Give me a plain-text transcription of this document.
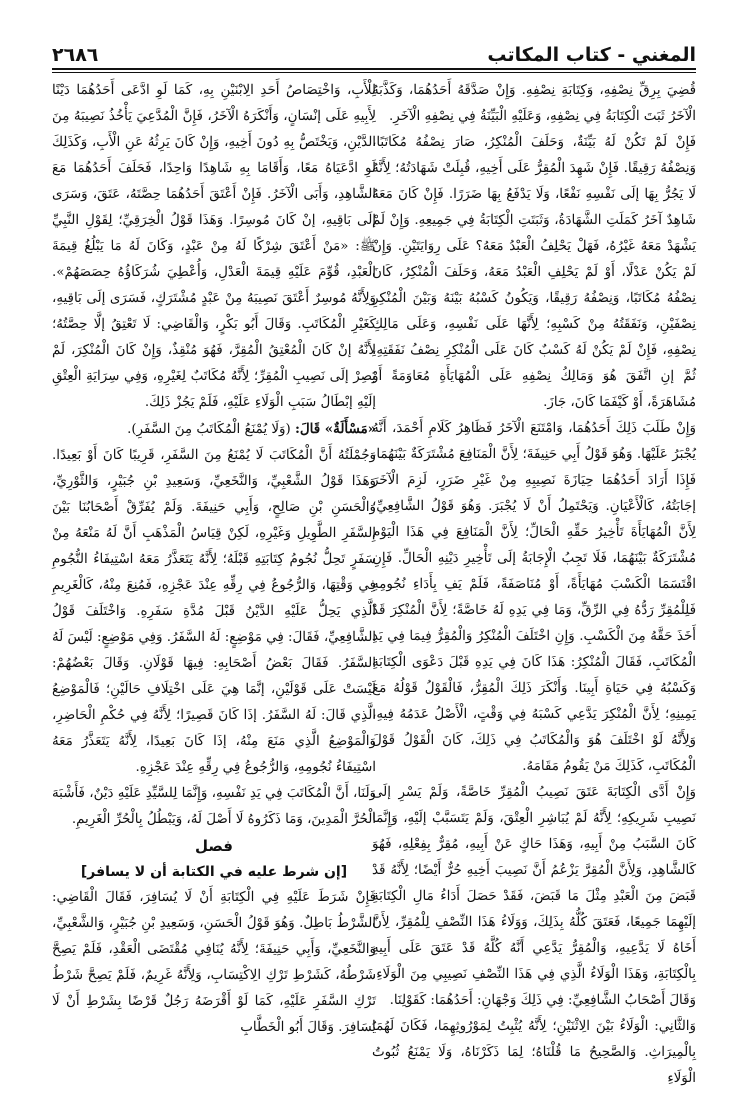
المغني - كتاب المكاتب
٢٦٨٦

قُضِيَ بِرِقِّ نِصْفِهِ، وَكِتَابَةِ نِصْفِهِ. وَإِنْ صَدَّقَهُ أَحَدُهُمَا، وَكَذَّبَهُ الْآخَرُ ثَبَتَ الْكِتَابَةُ فِي نِصْفِهِ، وَعَلَيْهِ الْبَيِّنَةُ فِي نِصْفِهِ الْآخَرِ.

فَإِنْ لَمْ تَكُنْ لَهُ بَيِّنَةٌ، وَحَلَفَ الْمُنْكِرُ، صَارَ نِصْفُهُ مُكَاتَبًا، وَنِصْفُهُ رَقِيقًا. فَإِنْ شَهِدَ الْمُقِرُّ عَلَى أَخِيهِ، قُبِلَتْ شَهَادَتُهُ؛ لِأَنَّهُ لَا يَجُرُّ بِهَا إلَى نَفْسِهِ نَفْعًا، وَلَا يَدْفَعُ بِهَا ضَرَرًا. فَإِنْ كَانَ مَعَهُ شَاهِدٌ آخَرُ كَمَلَتِ الشَّهَادَةُ، وَثَبَتَتِ الْكِتَابَةُ فِي جَمِيعِهِ. وَإِنْ لَمْ يَشْهَدْ مَعَهُ غَيْرُهُ، فَهَلْ يَحْلِفُ الْعَبْدُ مَعَهُ؟ عَلَى رِوَايَتَيْنِ. وَإِنْ لَمْ يَكُنْ عَدْلًا، أَوْ لَمْ يَحْلِفِ الْعَبْدُ مَعَهُ، وَحَلَفَ الْمُنْكِرُ، كَانَ نِصْفُهُ مُكَاتَبًا، وَنِصْفُهُ رَقِيقًا، وَيَكُونُ كَسْبُهُ بَيْنَهُ وَبَيْنَ الْمُنْكِرِ نِصْفَيْنِ، وَنَفَقَتُهُ مِنْ كَسْبِهِ؛ لِأَنَّهَا عَلَى نَفْسِهِ، وَعَلَى مَالِكِ نِصْفِهِ، فَإِنْ لَمْ يَكُنْ لَهُ كَسْبٌ كَانَ عَلَى الْمُنْكِرِ نِصْفُ نَفَقَتِهِ، ثُمَّ إنِ اتَّفَقَ هُوَ وَمَالِكُ نِصْفِهِ عَلَى الْمُهَايَأَةِ مُعَاوَمَةً أَوْ مُشَاهَرَةً، أَوْ كَيْفَمَا كَانَ، جَازَ.

وَإِنْ طَلَبَ ذَلِكَ أَحَدُهُمَا، وَامْتَنَعَ الْآخَرُ فَظَاهِرُ كَلَامِ أَحْمَدَ، أَنَّهُ يُجْبَرُ عَلَيْهَا. وَهُوَ قَوْلُ أَبِي حَنِيفَةَ؛ لِأَنَّ الْمَنَافِعَ مُشْتَرَكَةٌ بَيْنَهُمَا، فَإِذَا أَرَادَ أَحَدُهُمَا حِيَازَةَ نَصِيبِهِ مِنْ غَيْرِ ضَرَرٍ، لَزِمَ الْآخَرَ إجَابَتُهُ، كَالْأَعْيَانِ. وَيَحْتَمِلُ أَنْ لَا يُجْبَرَ. وَهُوَ قَوْلُ الشَّافِعِيِّ؛ لِأَنَّ الْمُهَايَأَةَ تَأْخِيرُ حَقِّهِ الْحَالِّ؛ لِأَنَّ الْمَنَافِعَ فِي هَذَا الْيَوْمِ مُشْتَرَكَةٌ بَيْنَهُمَا، فَلَا تَجِبُ الْإِجَابَةُ إلَى تَأْخِيرِ دَيْنِهِ الْحَالِّ. فَإِنِ اقْتَسَمَا الْكَسْبَ مُهَايَأَةً، أَوْ مُنَاصَفَةً، فَلَمْ يَفِ بِأَدَاءِ نُجُومِهِ فَلِلْمُقِرِّ رَدُّهُ فِي الرِّقِّ، وَمَا فِي يَدِهِ لَهُ خَاصَّةً؛ لِأَنَّ الْمُنْكِرَ قَدْ أَخَذَ حَقَّهُ مِنَ الْكَسْبِ. وَإِنِ اخْتَلَفَ الْمُنْكِرُ وَالْمُقِرُّ فِيمَا فِي يَدِ الْمُكَاتَبِ، فَقَالَ الْمُنْكِرُ: هَذَا كَانَ فِي يَدِهِ قَبْلَ دَعْوَى الْكِتَابَةِ وَكَسْبُهُ فِي حَيَاةِ أَبِينَا. وَأَنْكَرَ ذَلِكَ الْمُقِرُّ، فَالْقَوْلُ قَوْلُهُ مَعَ يَمِينِهِ؛ لِأَنَّ الْمُنْكِرَ يَدَّعِي كَسْبَهُ فِي وَقْتٍ، الْأَصْلُ عَدَمُهُ فِيهِ، وَلِأَنَّهُ لَوْ اخْتَلَفَ هُوَ وَالْمُكَاتَبُ فِي ذَلِكَ، كَانَ الْقَوْلُ قَوْلَ الْمُكَاتَبِ، كَذَلِكَ مَنْ يَقُومُ مَقَامَهُ.

وَإِنْ أَدَّى الْكِتَابَةَ عَتَقَ نَصِيبُ الْمُقِرِّ خَاصَّةً، وَلَمْ يَسْرِ إلَى نَصِيبِ شَرِيكِهِ؛ لِأَنَّهُ لَمْ يُبَاشِرِ الْعِتْقَ، وَلَمْ يَتَسَبَّبْ إلَيْهِ، وَإِنَّمَا كَانَ السَّبَبُ مِنْ أَبِيهِ، وَهَذَا حَاكٍ عَنْ أَبِيهِ، مُقِرٌّ بِفِعْلِهِ، فَهُوَ كَالشَّاهِدِ، وَلِأَنَّ الْمُقِرَّ يَزْعُمُ أَنَّ نَصِيبَ أَخِيهِ حُرٌّ أَيْضًا؛ لِأَنَّهُ قَدْ قَبَضَ مِنَ الْعَبْدِ مِثْلَ مَا قَبَضَ، فَقَدْ حَصَلَ أَدَاءُ مَالِ الْكِتَابَةِ إلَيْهِمَا جَمِيعًا، فَعَتَقَ كُلُّهُ بِذَلِكَ، وَوَلَاءُ هَذَا النِّصْفِ لِلْمُقِرِّ، لِأَنَّ أَخَاهُ لَا يَدَّعِيهِ، وَالْمُقِرُّ يَدَّعِي أَنَّهُ كُلَّهُ قَدْ عَتَقَ عَلَى أَبِيهِ بِالْكِتَابَةِ، وَهَذَا الْوَلَاءُ الَّذِي فِي هَذَا النِّصْفِ نَصِيبِي مِنَ الْوَلَاءِ. وَقَالَ أَصْحَابُ الشَّافِعِيِّ: فِي ذَلِكَ وَجْهَانِ: أَحَدُهُمَا: كَقَوْلِنَا.

وَالثَّانِي: الْوَلَاءُ بَيْنَ الِاثْنَيْنِ؛ لِأَنَّهُ يُثْبِتُ لِمَوْرُوثِهِمَا، فَكَانَ لَهُمَا بِالْمِيرَاثِ. وَالصَّحِيحُ مَا قُلْنَاهُ؛ لِمَا ذَكَرْنَاهُ، وَلَا يَمْنَعُ ثُبُوتُ الْوَلَاءِ

لِلْأَبِ، وَاخْتِصَاصُ أَحَدِ الِابْنَيْنِ بِهِ، كَمَا لَوِ ادَّعَى أَحَدُهُمَا دَيْنًا لِأَبِيهِ عَلَى إنْسَانٍ، وَأَنْكَرَهُ الْآخَرُ، فَإِنَّ الْمُدَّعِيَ يَأْخُذُ نَصِيبَهُ مِنَ الدَّيْنِ، وَيَخْتَصُّ بِهِ دُونَ أَخِيهِ، وَإِنْ كَانَ يَرِثُهُ عَنِ الْأَبِ، وَكَذَلِكَ لَوِ ادَّعَيَاهُ مَعًا، وَأَقَامَا بِهِ شَاهِدًا وَاحِدًا، فَحَلَفَ أَحَدُهُمَا مَعَ الشَّاهِدِ، وَأَبَى الْآخَرُ. فَإِنْ أَعْتَقَ أَحَدُهُمَا حِصَّتَهُ، عَتَقَ، وَسَرَى إلَى بَاقِيهِ، إنْ كَانَ مُوسِرًا. وَهَذَا قَوْلُ الْخِرَقِيِّ؛ لِقَوْلِ النَّبِيِّ ﷺ: «مَنْ أَعْتَقَ شِرْكًا لَهُ مِنْ عَبْدٍ، وَكَانَ لَهُ مَا يَبْلُغُ قِيمَةَ الْعَبْدِ، قُوِّمَ عَلَيْهِ قِيمَةَ الْعَدْلِ، وَأُعْطِيَ شُرَكَاؤُهُ حِصَصَهُمْ». وَلِأَنَّهُ مُوسِرٌ أَعْتَقَ نَصِيبَهُ مِنْ عَبْدٍ مُشْتَرَكٍ، فَسَرَى إلَى بَاقِيهِ، كَغَيْرِ الْمُكَاتَبِ. وَقَالَ أَبُو بَكْرٍ، وَالْقَاضِي: لَا تَعْتِقُ إلَّا حِصَّتُهُ؛ لِأَنَّهُ إنْ كَانَ الْمُعْتِقُ الْمُقِرَّ، فَهُوَ مُنْقِذٌ، وَإِنْ كَانَ الْمُنْكِرَ، لَمْ يَصِرْ إلَى نَصِيبِ الْمُقِرِّ؛ لِأَنَّهُ مُكَاتَبٌ لِغَيْرِهِ، وَفِي سِرَايَةِ الْعِتْقِ إلَيْهِ إبْطَالُ سَبَبِ الْوَلَاءِ عَلَيْهِ، فَلَمْ يَجُزْ ذَلِكَ.

«مَسْأَلَةٌ» قَالَ: (وَلَا يُمْنَعُ الْمُكَاتَبُ مِنَ السَّفَرِ).

وَجُمْلَتُهُ أَنَّ الْمُكَاتَبَ لَا يُمْنَعُ مِنَ السَّفَرِ، قَرِيبًا كَانَ أَوْ بَعِيدًا. وَهَذَا قَوْلُ الشَّعْبِيِّ، وَالنَّخَعِيِّ، وَسَعِيدِ بْنِ جُبَيْرٍ، وَالثَّوْرِيِّ، وَالْحَسَنِ بْنِ صَالِحٍ، وَأَبِي حَنِيفَةَ. وَلَمْ يُفَرِّقْ أَصْحَابُنَا بَيْنَ السَّفَرِ الطَّوِيلِ وَغَيْرِهِ، لَكِنْ قِيَاسُ الْمَذْهَبِ أَنَّ لَهُ مَنْعَهُ مِنْ سَفَرٍ تَحِلُّ نُجُومُ كِتَابَتِهِ قَبْلَهُ؛ لِأَنَّهُ يَتَعَذَّرُ مَعَهُ اسْتِيفَاءُ النُّجُومِ فِي وَقْتِهَا، وَالرُّجُوعُ فِي رِقِّهِ عِنْدَ عَجْزِهِ، فَمُنِعَ مِنْهُ، كَالْغَرِيمِ الَّذِي يَحِلُّ عَلَيْهِ الدَّيْنُ قَبْلَ مُدَّةِ سَفَرِهِ. وَاخْتَلَفَ قَوْلُ الشَّافِعِيِّ، فَقَالَ: فِي مَوْضِعٍ: لَهُ السَّفَرُ. وَفِي مَوْضِعٍ: لَيْسَ لَهُ السَّفَرُ. فَقَالَ بَعْضُ أَصْحَابِهِ: فِيهَا قَوْلَانِ. وَقَالَ بَعْضُهُمْ: لَيْسَتْ عَلَى قَوْلَيْنِ، إنَّمَا هِيَ عَلَى اخْتِلَافِ حَالَيْنِ؛ فَالْمَوْضِعُ الَّذِي قَالَ: لَهُ السَّفَرُ. إذَا كَانَ قَصِيرًا؛ لِأَنَّهُ فِي حُكْمِ الْحَاضِرِ، وَالْمَوْضِعُ الَّذِي مَنَعَ مِنْهُ، إذَا كَانَ بَعِيدًا، لِأَنَّهُ يَتَعَذَّرُ مَعَهُ اسْتِيفَاءُ نُجُومِهِ، وَالرُّجُوعُ فِي رِقِّهِ عِنْدَ عَجْزِهِ.

وَلَنَا، أَنَّ الْمُكَاتَبَ فِي يَدِ نَفْسِهِ، وَإِنَّمَا لِلسَّيِّدِ عَلَيْهِ دَيْنٌ، فَأَشْبَهَ الْحُرَّ الْمَدِينَ، وَمَا ذَكَرُوهُ لَا أَصْلَ لَهُ، وَيَبْطُلُ بِالْحُرِّ الْغَرِيمِ.

فصل

[إن شرط عليه في الكتابة أن لا يسافر]

فَإِنْ شَرَطَ عَلَيْهِ فِي الْكِتَابَةِ أَنْ لَا يُسَافِرَ، فَقَالَ الْقَاضِي: الشَّرْطُ بَاطِلٌ. وَهُوَ قَوْلُ الْحَسَنِ، وَسَعِيدِ بْنِ جُبَيْرٍ، وَالشَّعْبِيِّ، وَالنَّخَعِيِّ، وَأَبِي حَنِيفَةَ؛ لِأَنَّهُ يُنَافِي مُقْتَضَى الْعَقْدِ، فَلَمْ يَصِحَّ شَرْطُهُ، كَشَرْطِ تَرْكِ الِاكْتِسَابِ، وَلِأَنَّهُ غَرِيمٌ، فَلَمْ يَصِحَّ شَرْطُ تَرْكِ السَّفَرِ عَلَيْهِ، كَمَا لَوْ أَقْرَضَهُ رَجُلٌ قَرْضًا بِشَرْطِ أَنْ لَا يُسَافِرَ. وَقَالَ أَبُو الْخَطَّابِ
